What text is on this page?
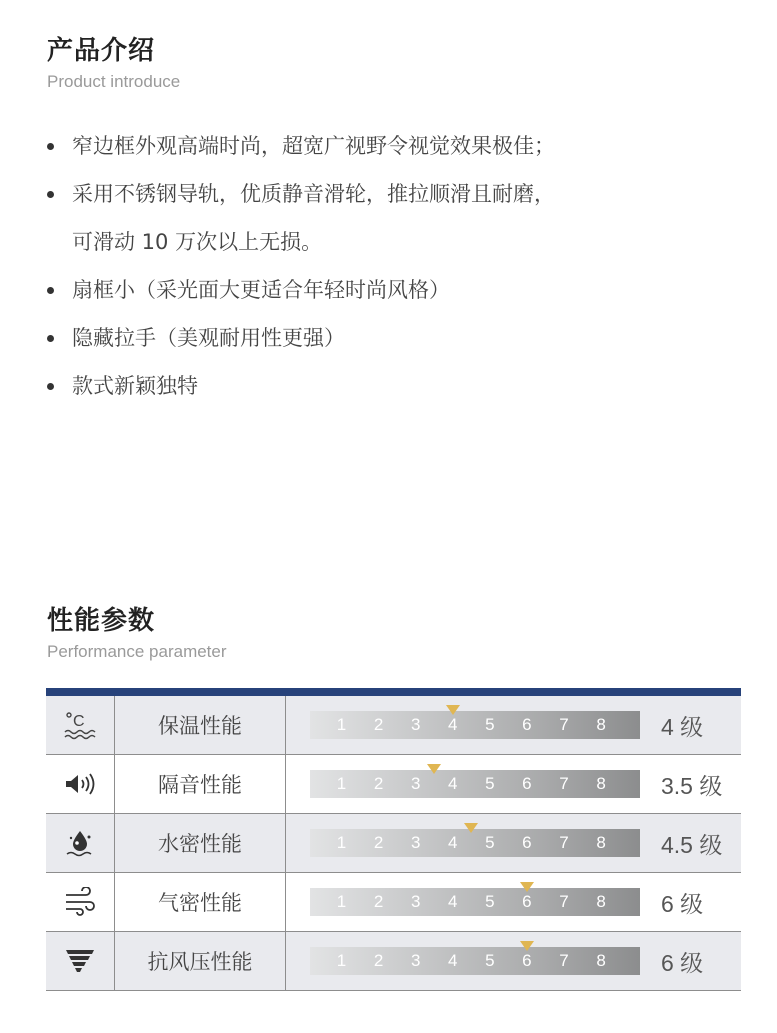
产品介绍
Product introduce
窄边框外观高端时尚，超宽广视野令视觉效果极佳；
采用不锈钢导轨，优质静音滑轮，推拉顺滑且耐磨，
可滑动 10 万次以上无损。
扇框小（采光面大更适合年轻时尚风格）
隐藏拉手（美观耐用性更强）
款式新颖独特
性能参数
Performance parameter
C	保温性能	1	2	3	4	5	6	7	8	4 级
隔音性能	1	2	3	4	5	6	7	8	3.5 级
水密性能	1	2	3	4	5	6	7	8	4.5 级
气密性能	1	2	3	4	5	6	7	8	6 级
抗风压性能	1	2	3	4	5	6	7	8	6 级
